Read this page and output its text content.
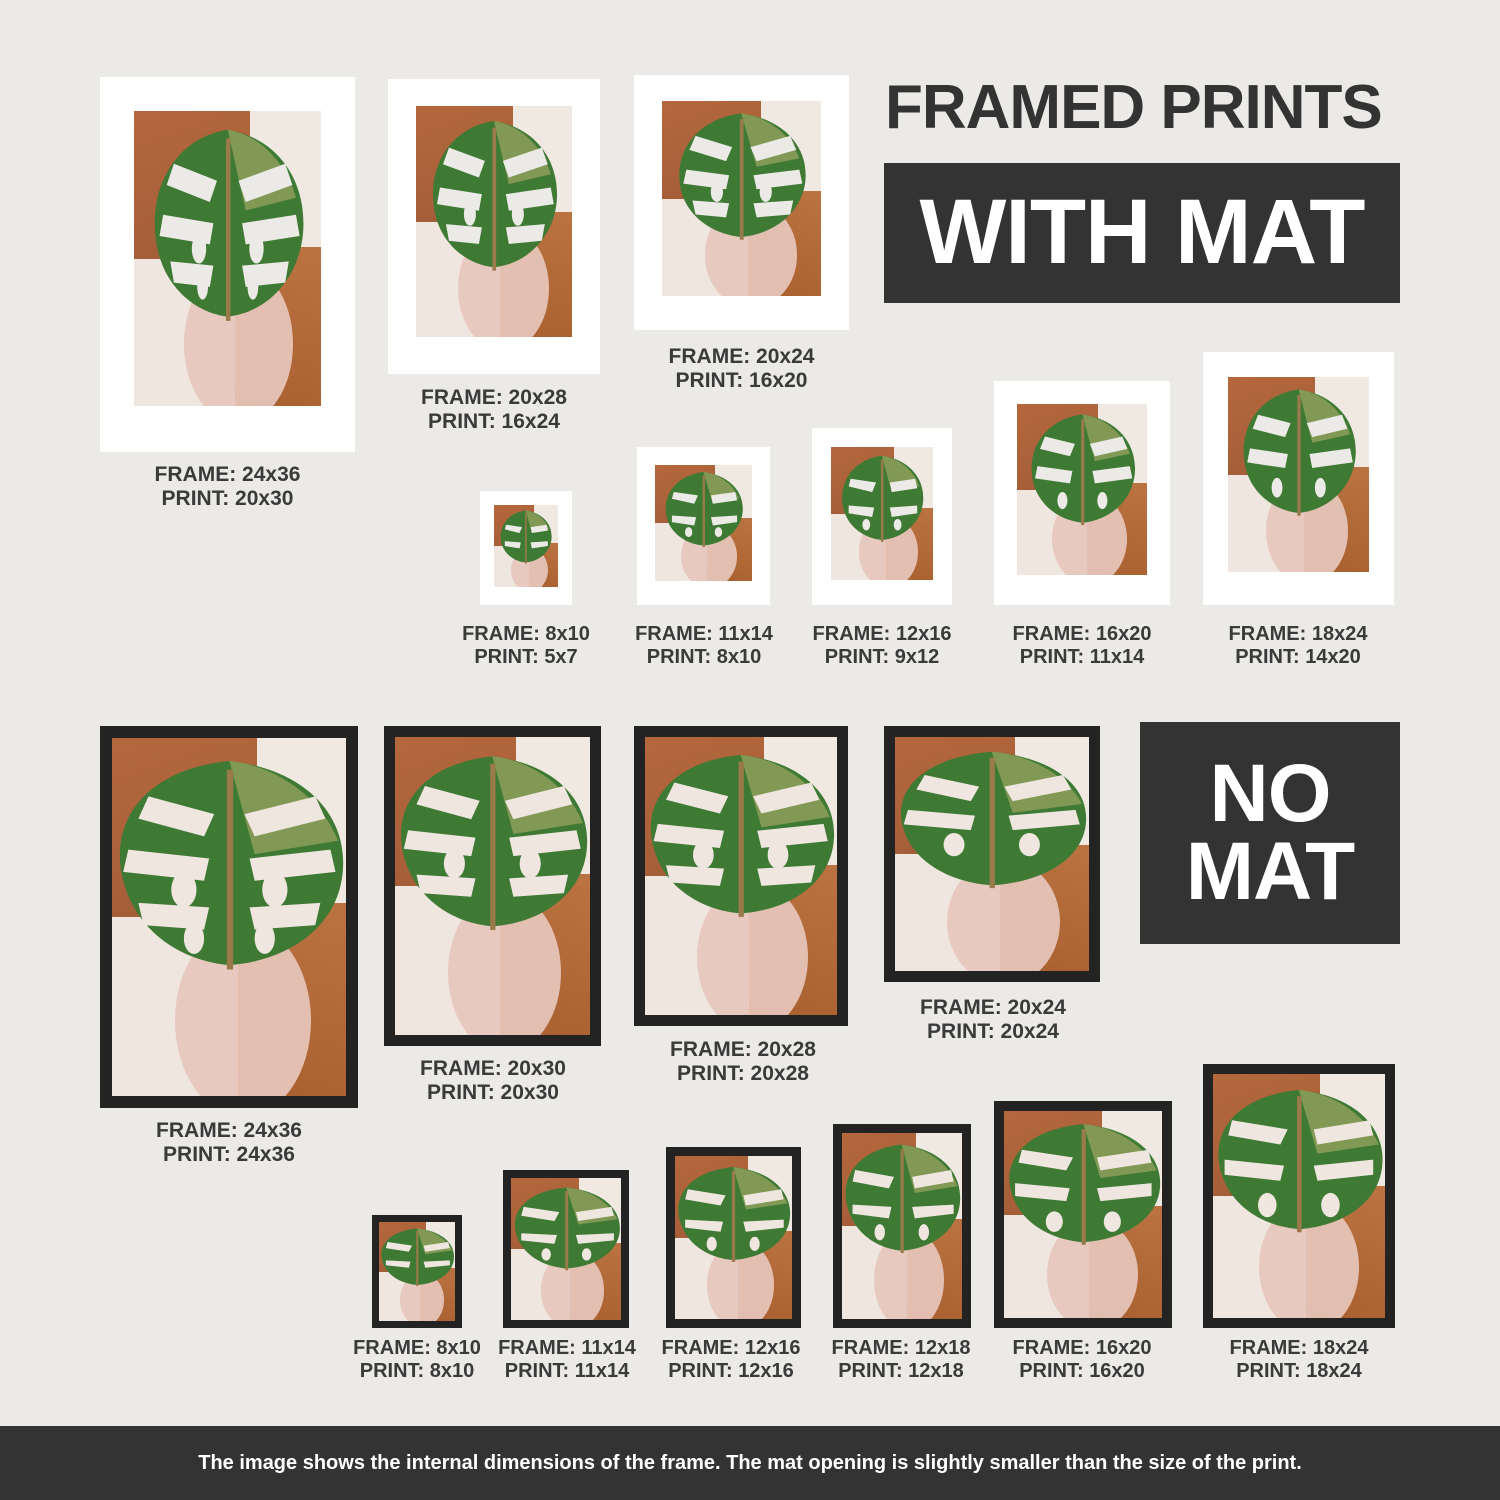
FRAME: 24x36
PRINT: 20x30
FRAME: 20x28
PRINT: 16x24
FRAME: 20x24
PRINT: 16x20
FRAME: 8x10
PRINT: 5x7
FRAME: 11x14
PRINT: 8x10
FRAME: 12x16
PRINT: 9x12
FRAME: 16x20
PRINT: 11x14
FRAME: 18x24
PRINT: 14x20
FRAMED PRINTS
WITH MAT
FRAME: 24x36
PRINT: 24x36
FRAME: 20x30
PRINT: 20x30
FRAME: 20x28
PRINT: 20x28
FRAME: 20x24
PRINT: 20x24
NO
MAT
FRAME: 8x10
PRINT: 8x10
FRAME: 11x14
PRINT: 11x14
FRAME: 12x16
PRINT: 12x16
FRAME: 12x18
PRINT: 12x18
FRAME: 16x20
PRINT: 16x20
FRAME: 18x24
PRINT: 18x24
The image shows the internal dimensions of the frame. The mat opening is slightly smaller than the size of the print.
